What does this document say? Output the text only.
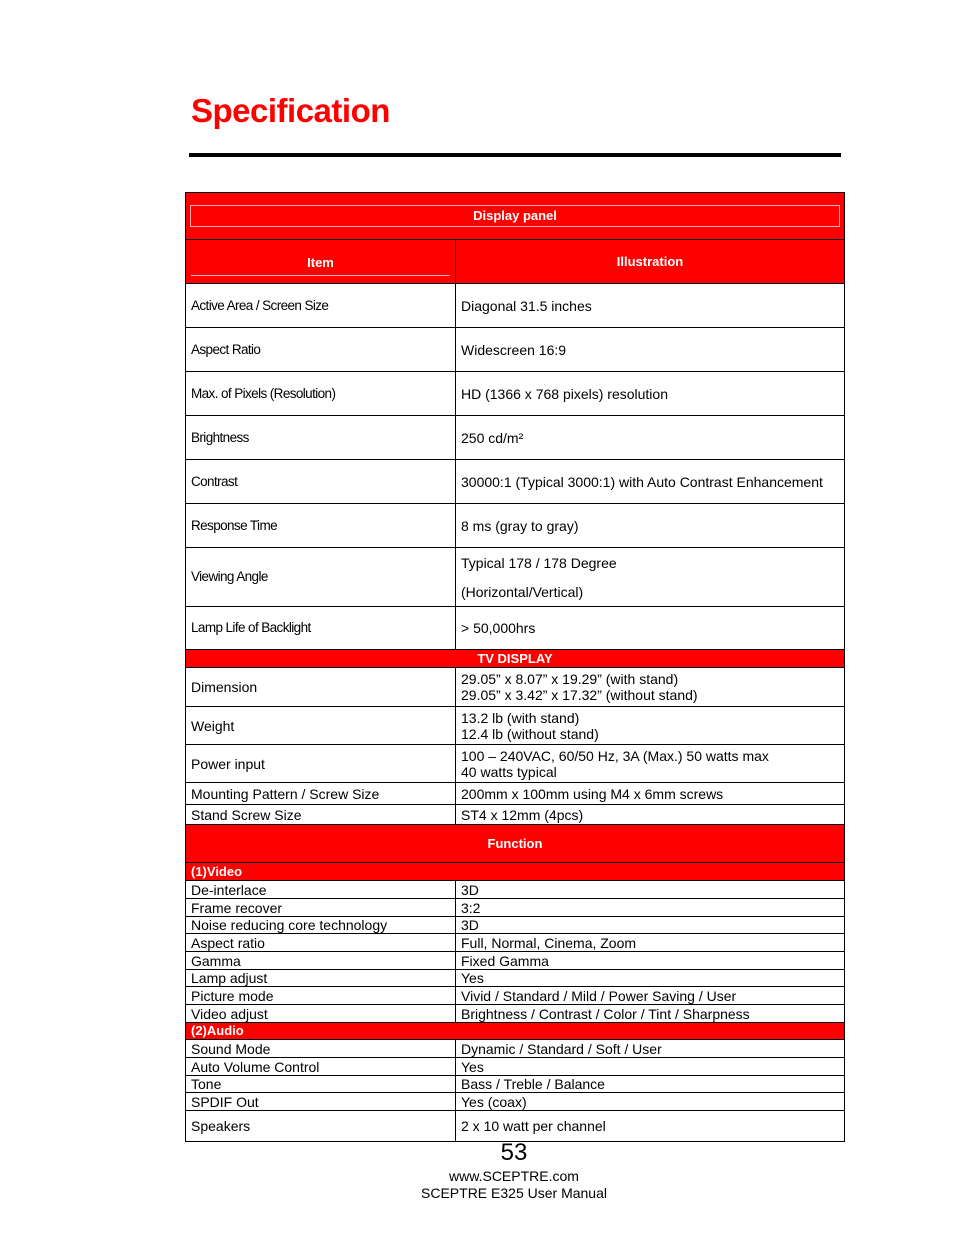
Specification
Display panel	

Item	Illustration
Active Area / Screen Size	Diagonal 31.5 inches
Aspect Ratio	Widescreen 16:9
Max. of Pixels (Resolution)	HD (1366 x 768 pixels) resolution
Brightness	250 cd/m²
Contrast	30000:1 (Typical 3000:1) with Auto Contrast Enhancement
Response Time	8 ms (gray to gray)
Viewing Angle	Typical 178 / 178 Degree
(Horizontal/Vertical)

Lamp Life of Backlight	> 50,000hrs
TV DISPLAY	
Dimension	29.05” x 8.07” x 19.29” (with stand)
29.05” x 3.42” x 17.32” (without stand)

Weight	13.2 lb (with stand)
12.4 lb (without stand)

Power input	100 – 240VAC, 60/50 Hz, 3A (Max.) 50 watts max
40 watts typical

Mounting Pattern / Screw Size	200mm x 100mm using M4 x 6mm screws
Stand Screw Size	ST4 x 12mm (4pcs)
Function	
(1)Video	
De-interlace	3D
Frame recover	3:2
Noise reducing core technology	3D
Aspect ratio	Full, Normal, Cinema, Zoom
Gamma	Fixed Gamma
Lamp adjust	Yes
Picture mode	Vivid / Standard / Mild / Power Saving / User
Video adjust	Brightness / Contrast / Color / Tint / Sharpness
(2)Audio	
Sound Mode	Dynamic / Standard / Soft / User
Auto Volume Control	Yes
Tone	Bass / Treble / Balance
SPDIF Out	Yes (coax)
Speakers	2 x 10 watt per channel
53
www.SCEPTRE.com
SCEPTRE E325 User Manual
